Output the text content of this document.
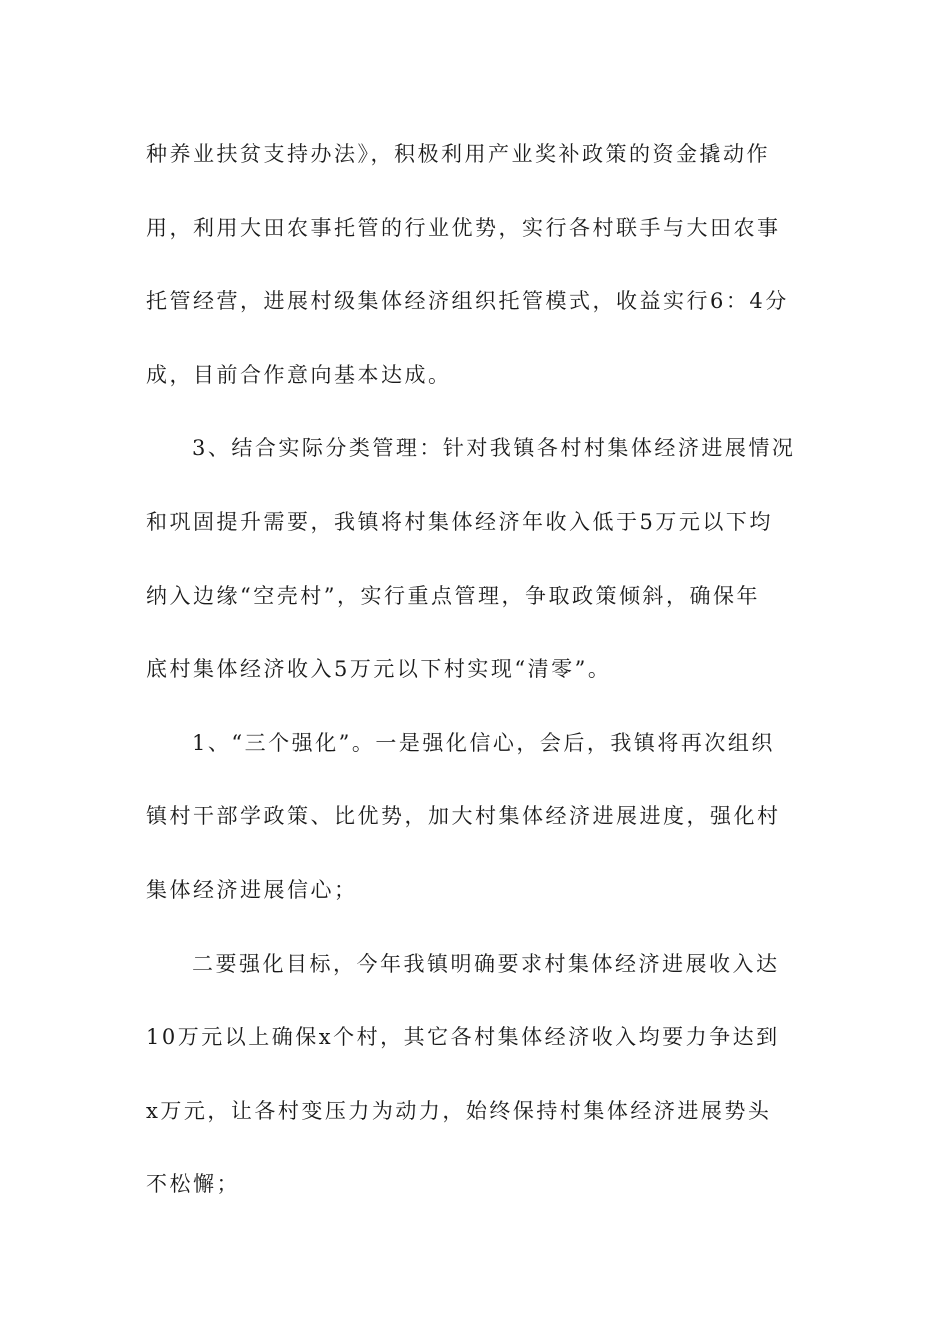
种养业扶贫支持办法》，积极利用产业奖补政策的资金撬动作
用，利用大田农事托管的行业优势，实行各村联手与大田农事
托管经营，进展村级集体经济组织托管模式，收益实行6：4分
成，目前合作意向基本达成。
3、结合实际分类管理：针对我镇各村村集体经济进展情况
和巩固提升需要，我镇将村集体经济年收入低于5万元以下均
纳入边缘“空壳村”，实行重点管理，争取政策倾斜，确保年
底村集体经济收入5万元以下村实现“清零”。
1、“三个强化”。一是强化信心，会后，我镇将再次组织
镇村干部学政策、比优势，加大村集体经济进展进度，强化村
集体经济进展信心；
二要强化目标，今年我镇明确要求村集体经济进展收入达
10万元以上确保x个村，其它各村集体经济收入均要力争达到
x万元，让各村变压力为动力，始终保持村集体经济进展势头
不松懈；
